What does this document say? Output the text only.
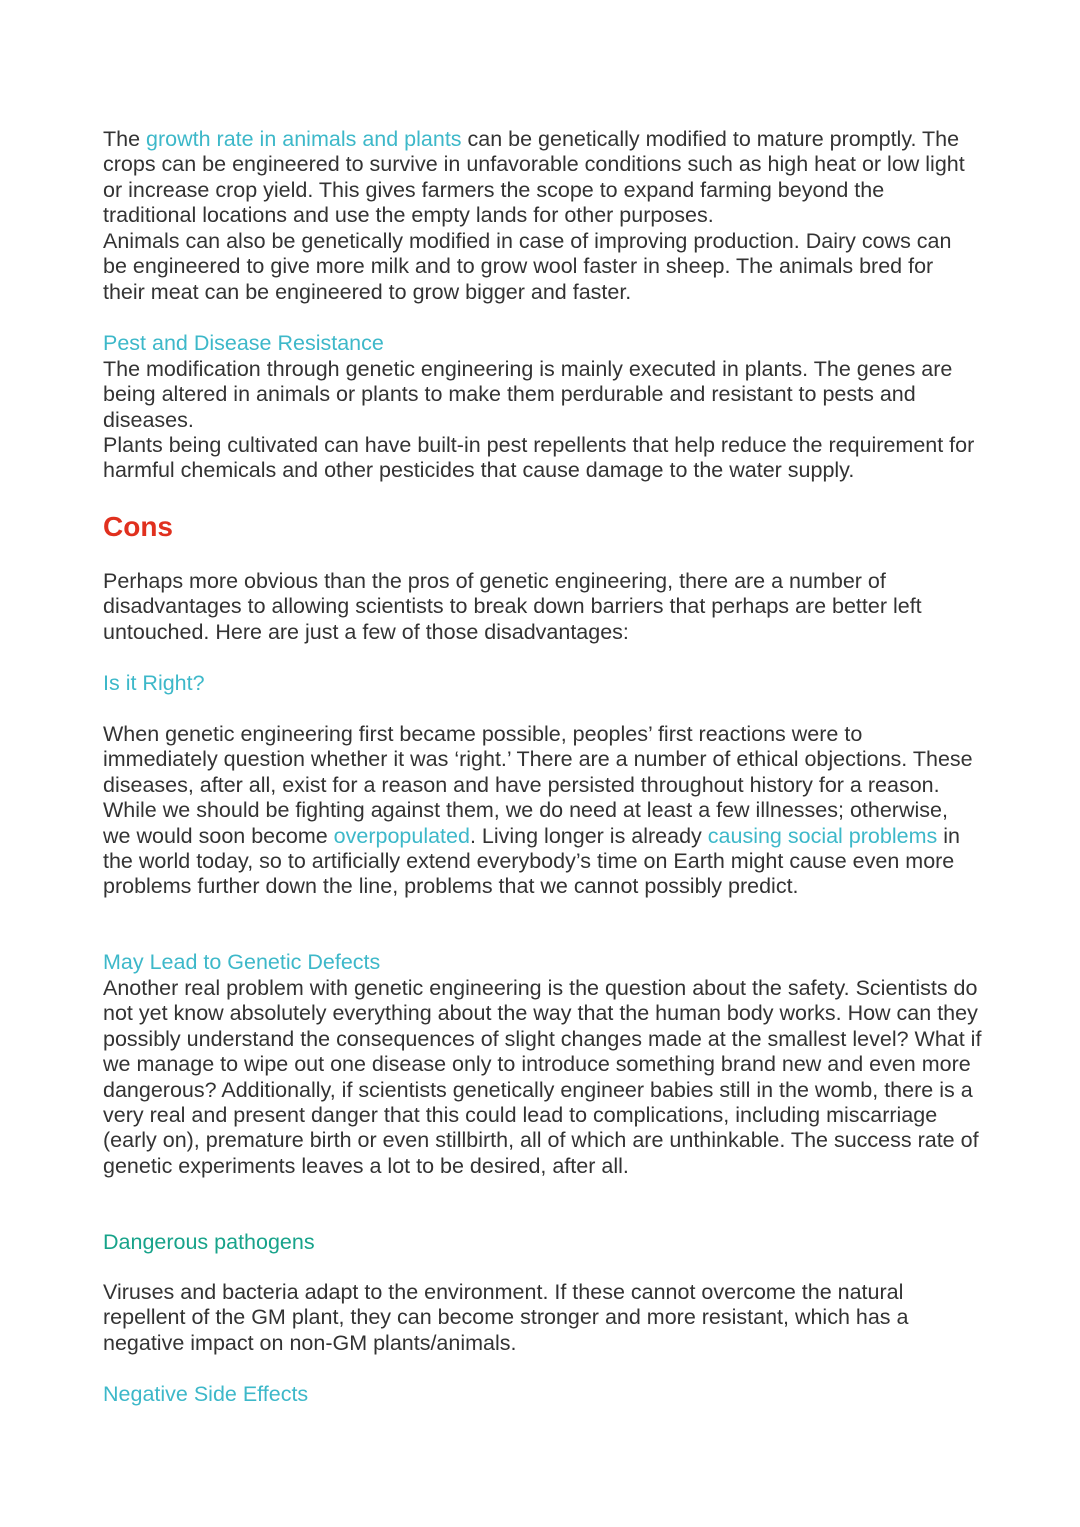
The growth rate in animals and plants can be genetically modified to mature promptly. The crops can be engineered to survive in unfavorable conditions such as high heat or low light or increase crop yield. This gives farmers the scope to expand farming beyond the traditional locations and use the empty lands for other purposes.

Animals can also be genetically modified in case of improving production. Dairy cows can be engineered to give more milk and to grow wool faster in sheep. The animals bred for their meat can be engineered to grow bigger and faster.

Pest and Disease Resistance

The modification through genetic engineering is mainly executed in plants. The genes are being altered in animals or plants to make them perdurable and resistant to pests and diseases.

Plants being cultivated can have built-in pest repellents that help reduce the requirement for harmful chemicals and other pesticides that cause damage to the water supply.

Cons

Perhaps more obvious than the pros of genetic engineering, there are a number of disadvantages to allowing scientists to break down barriers that perhaps are better left untouched. Here are just a few of those disadvantages:

Is it Right?

When genetic engineering first became possible, peoples’ first reactions were to immediately question whether it was ‘right.’ There are a number of ethical objections. These diseases, after all, exist for a reason and have persisted throughout history for a reason. While we should be fighting against them, we do need at least a few illnesses; otherwise, we would soon become overpopulated. Living longer is already causing social problems in the world today, so to artificially extend everybody’s time on Earth might cause even more problems further down the line, problems that we cannot possibly predict.

May Lead to Genetic Defects

Another real problem with genetic engineering is the question about the safety. Scientists do not yet know absolutely everything about the way that the human body works. How can they possibly understand the consequences of slight changes made at the smallest level? What if we manage to wipe out one disease only to introduce something brand new and even more dangerous? Additionally, if scientists genetically engineer babies still in the womb, there is a very real and present danger that this could lead to complications, including miscarriage (early on), premature birth or even stillbirth, all of which are unthinkable. The success rate of genetic experiments leaves a lot to be desired, after all.

Dangerous pathogens

Viruses and bacteria adapt to the environment. If these cannot overcome the natural repellent of the GM plant, they can become stronger and more resistant, which has a negative impact on non-GM plants/animals.

Negative Side Effects
